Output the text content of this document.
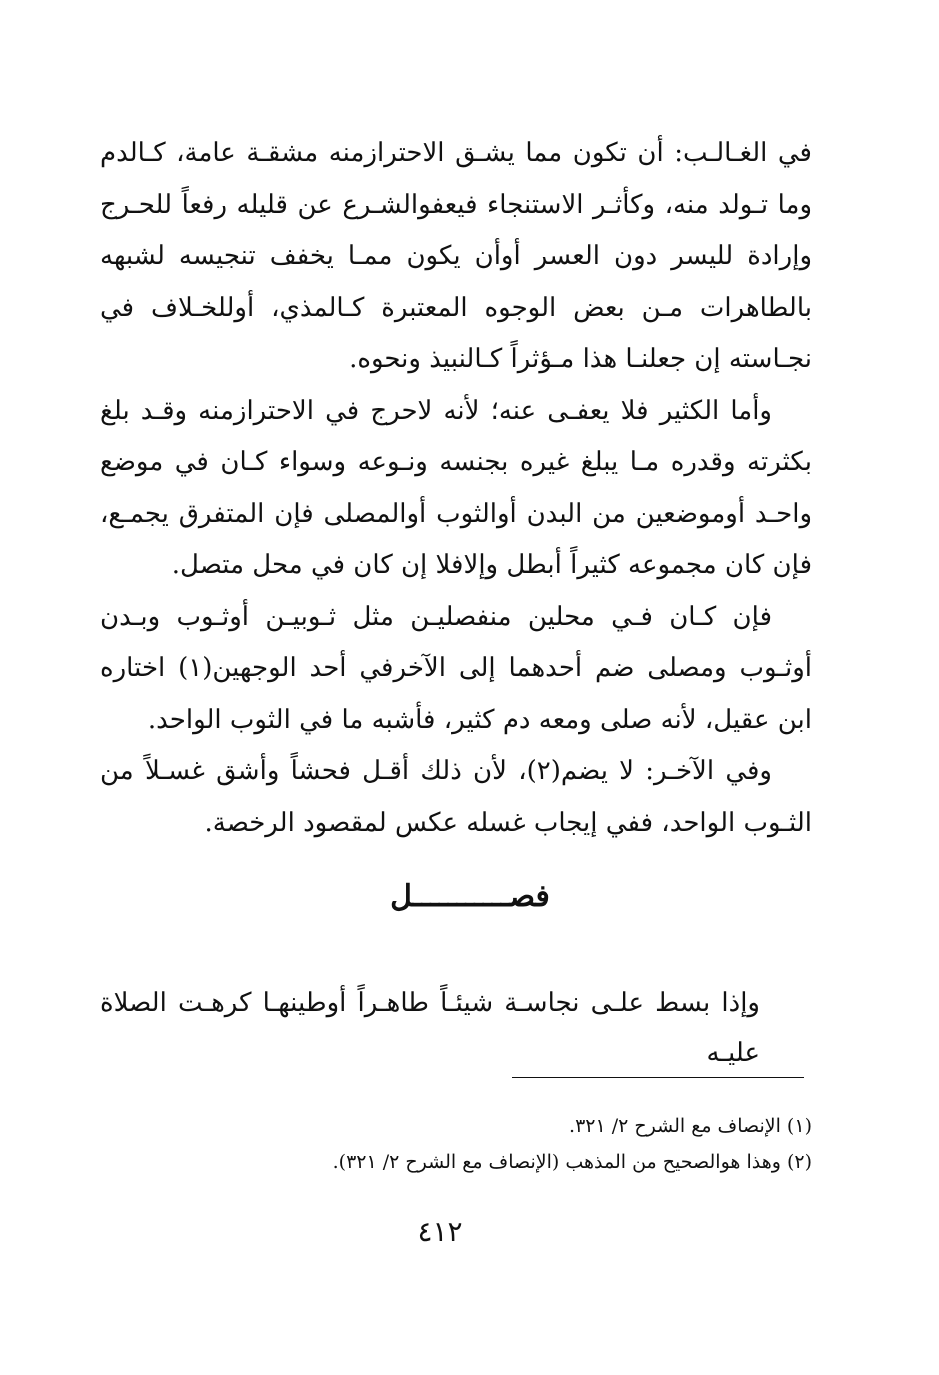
في الغـالـب: أن تكون مما يشـق الاحترازمنه مشقـة عامة، كـالدم وما تـولد منه، وكأثـر الاستنجاء فيعفوالشـرع عن قليله رفعاً للحـرج وإرادة لليسر دون العسر أوأن يكون ممـا يخفف تنجيسه لشبهه بالطاهرات مـن بعض الوجوه المعتبرة كـالمذي، أوللخـلاف في نجـاسته إن جعلنـا هذا مـؤثراً كـالنبيذ ونحوه.

وأما الكثير فلا يعفـى عنه؛ لأنه لاحرج في الاحترازمنه وقـد بلغ بكثرته وقدره مـا يبلغ غيره بجنسه ونـوعه وسواء كـان في موضع واحـد أوموضعين من البدن أوالثوب أوالمصلى فإن المتفرق يجمـع، فإن كان مجموعه كثيراً أبطل وإلافلا إن كان في محل متصل.

فإن كـان فـي محلين منفصليـن مثل ثـوبيـن أوثـوب وبـدن أوثـوب ومصلى ضم أحدهما إلى الآخرفي أحد الوجهين(١) اختاره ابن عقيل، لأنه صلى ومعه دم كثير، فأشبه ما في الثوب الواحد.

وفي الآخـر: لا يضم(٢)، لأن ذلك أقـل فحشاً وأشق غسـلاً من الثـوب الواحد، ففي إيجاب غسله عكس لمقصود الرخصة.

فصـــــــــــل
وإذا بسط علـى نجاسـة شيئـاً طاهـراً أوطينهـا كرهـت الصلاة عليـه

(١) الإنصاف مع الشرح ٢/ ٣٢١.

(٢) وهذا هوالصحيح من المذهب (الإنصاف مع الشرح ٢/ ٣٢١).

٤١٢
